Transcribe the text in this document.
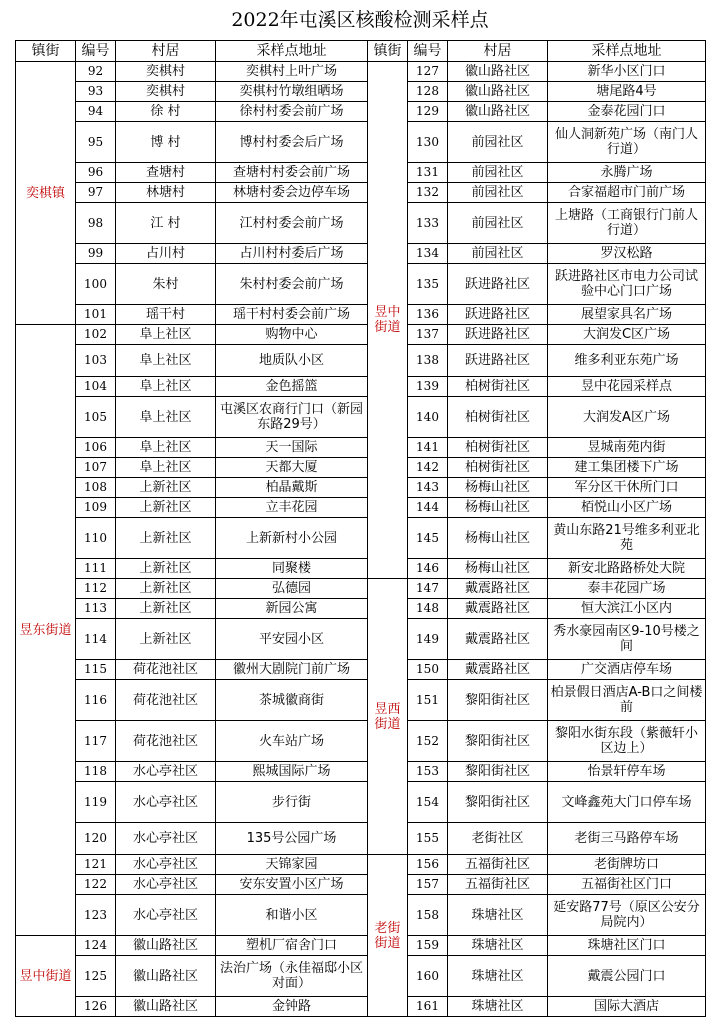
2022年屯溪区核酸检测采样点
镇街	编号	村居	采样点地址	镇街	编号	村居	采样点地址
奕棋镇	92	奕棋村	奕棋村上叶广场	昱中街道	127	徽山路社区	新华小区门口
	93	奕棋村	奕棋村竹墩组晒场		128	徽山路社区	塘尾路4号
	94	徐 村	徐村村委会前广场		129	徽山路社区	金泰花园门口
	95	博 村	博村村委会后广场		130	前园社区	仙人洞新苑广场（南门人行道）
	96	查塘村	查塘村村委会前广场		131	前园社区	永腾广场
	97	林塘村	林塘村委会边停车场		132	前园社区	合家福超市门前广场
	98	江 村	江村村委会前广场		133	前园社区	上塘路（工商银行门前人行道）
	99	占川村	占川村村委后广场		134	前园社区	罗汉松路
	100	朱村	朱村村委会前广场		135	跃进路社区	跃进路社区市电力公司试验中心门口广场
	101	瑶干村	瑶干村村委会前广场		136	跃进路社区	展望家具名广场
昱东街道	102	阜上社区	购物中心		137	跃进路社区	大润发C区广场
	103	阜上社区	地质队小区		138	跃进路社区	维多利亚东苑广场
	104	阜上社区	金色摇篮		139	柏树街社区	昱中花园采样点
	105	阜上社区	屯溪区农商行门口（新园东路29号）		140	柏树街社区	大润发A区广场
	106	阜上社区	天一国际		141	柏树街社区	昱城南苑内街
	107	阜上社区	天都大厦		142	柏树街社区	建工集团楼下广场
	108	上新社区	柏晶戴斯		143	杨梅山社区	军分区干休所门口
	109	上新社区	立丰花园		144	杨梅山社区	栢悦山小区广场
	110	上新社区	上新新村小公园		145	杨梅山社区	黄山东路21号维多利亚北苑
	111	上新社区	同聚楼		146	杨梅山社区	新安北路路桥处大院
	112	上新社区	弘德园	昱西街道	147	戴震路社区	泰丰花园广场
	113	上新社区	新园公寓		148	戴震路社区	恒大滨江小区内
	114	上新社区	平安园小区		149	戴震路社区	秀水豪园南区9-10号楼之间
	115	荷花池社区	徽州大剧院门前广场		150	戴震路社区	广交酒店停车场
	116	荷花池社区	茶城徽商街		151	黎阳街社区	柏景假日酒店A-B口之间楼前
	117	荷花池社区	火车站广场		152	黎阳街社区	黎阳水街东段（紫薇轩小区边上）
	118	水心亭社区	熙城国际广场		153	黎阳街社区	怡景轩停车场
	119	水心亭社区	步行街		154	黎阳街社区	文峰鑫苑大门口停车场
	120	水心亭社区	135号公园广场		155	老街社区	老街三马路停车场
	121	水心亭社区	天锦家园	老街街道	156	五福街社区	老街牌坊口
	122	水心亭社区	安东安置小区广场		157	五福街社区	五福街社区门口
	123	水心亭社区	和谐小区		158	珠塘社区	延安路77号（原区公安分局院内）
昱中街道	124	徽山路社区	塑机厂宿舍门口		159	珠塘社区	珠塘社区门口
	125	徽山路社区	法治广场（永佳福邸小区对面）		160	珠塘社区	戴震公园门口
	126	徽山路社区	金钟路		161	珠塘社区	国际大酒店
